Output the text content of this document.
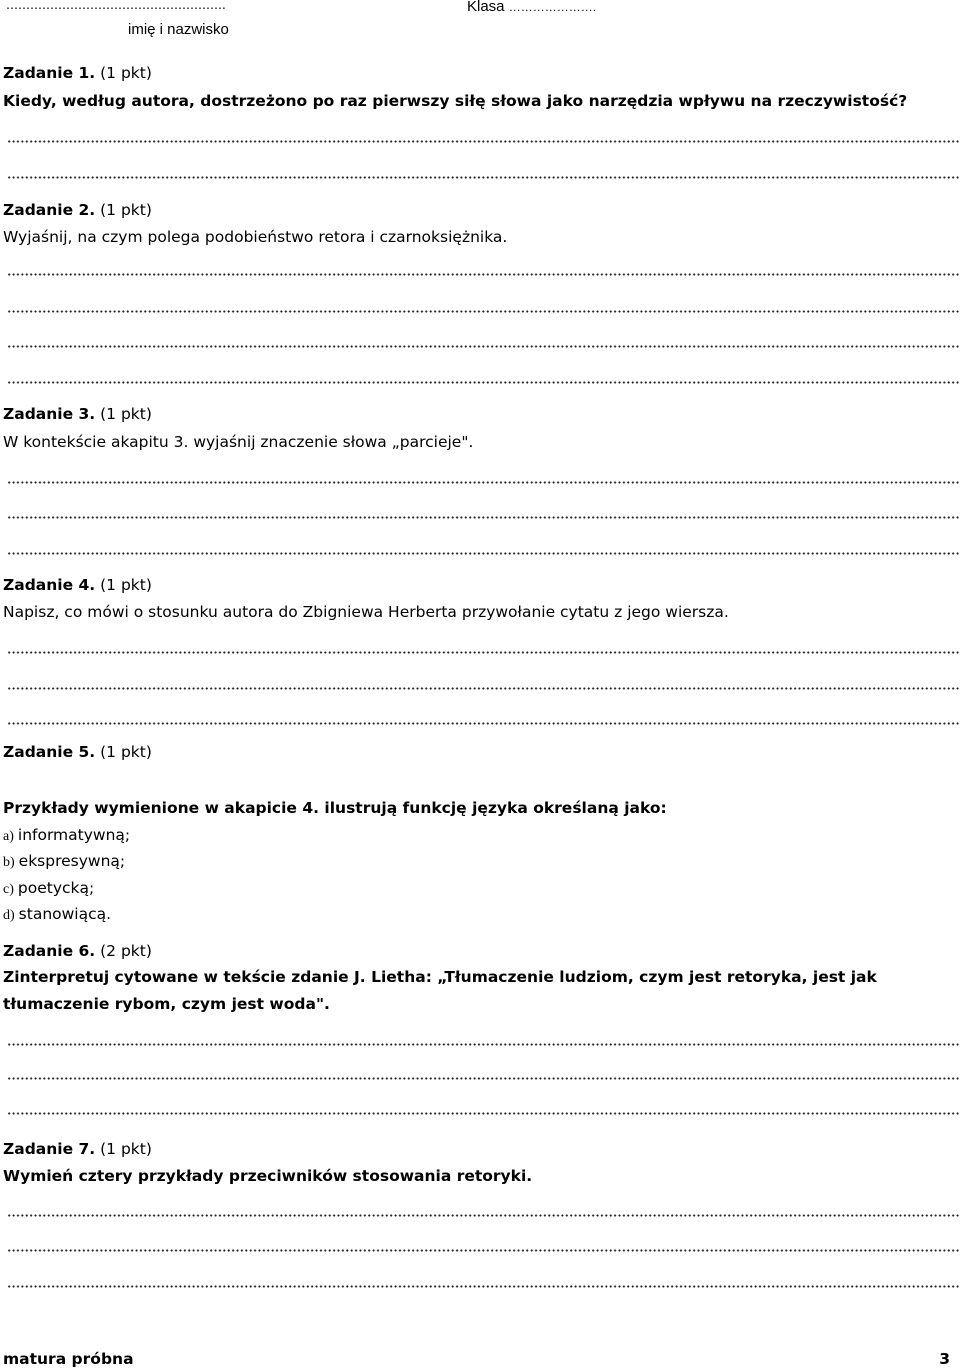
……………………………………………….	Klasa ………………….
imię i nazwisko
Zadanie 1. (1 pkt)
Kiedy, według autora, dostrzeżono po raz pierwszy siłę słowa jako narzędzia wpływu na rzeczywistość?
Zadanie 2. (1 pkt)
Wyjaśnij, na czym polega podobieństwo retora i czarnoksiężnika.
Zadanie 3. (1 pkt)
W kontekście akapitu 3. wyjaśnij znaczenie słowa „parcieje".
Zadanie 4. (1 pkt)
Napisz, co mówi o stosunku autora do Zbigniewa Herberta przywołanie cytatu z jego wiersza.
Zadanie 5. (1 pkt)
Przykłady wymienione w akapicie 4. ilustrują funkcję języka określaną jako:
a) informatywną;
b) ekspresywną;
c) poetycką;
d) stanowiącą.
Zadanie 6. (2 pkt)
Zinterpretuj cytowane w tekście zdanie J. Lietha: „Tłumaczenie ludziom, czym jest retoryka, jest jak tłumaczenie rybom, czym jest woda".
Zadanie 7. (1 pkt)
Wymień cztery przykłady przeciwników stosowania retoryki.
matura próbna	3
